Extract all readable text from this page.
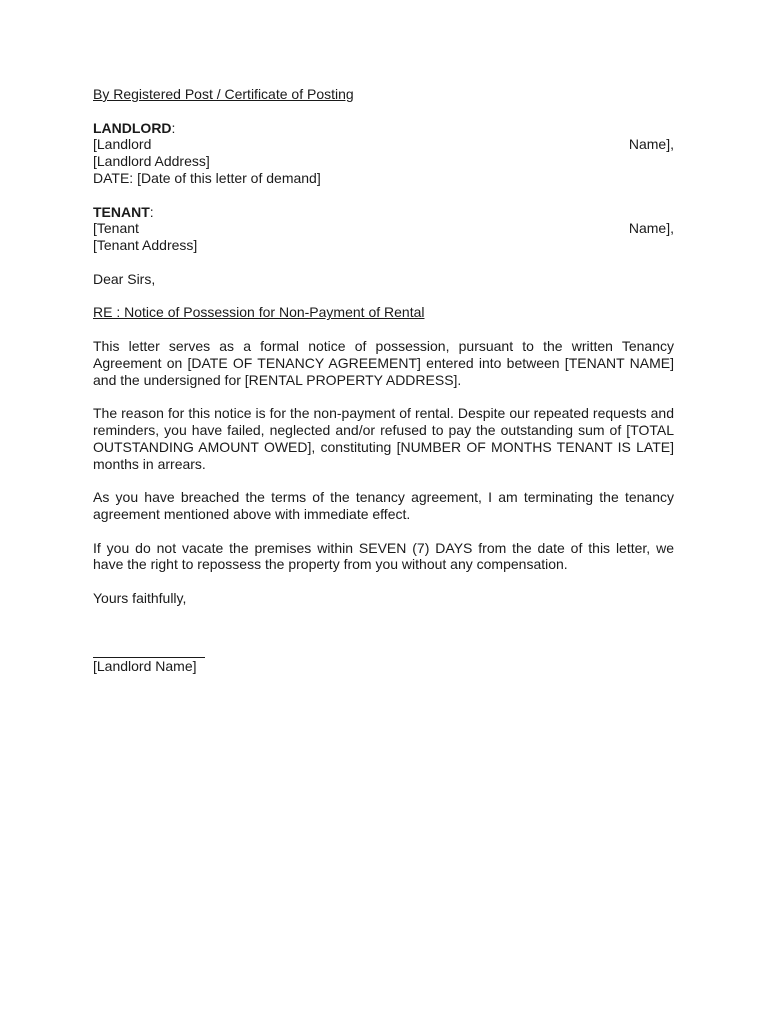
By Registered Post / Certificate of Posting

LANDLORD:

[Landlord	Name],

[Landlord Address]

DATE: [Date of this letter of demand]

TENANT:

[Tenant	Name],

[Tenant Address]

Dear Sirs,

RE : Notice of Possession for Non-Payment of Rental

This letter serves as a formal notice of possession, pursuant to the written Tenancy Agreement on [DATE OF TENANCY AGREEMENT] entered into between [TENANT NAME] and the undersigned for [RENTAL PROPERTY ADDRESS].

The reason for this notice is for the non-payment of rental. Despite our repeated requests and reminders, you have failed, neglected and/or refused to pay the outstanding sum of [TOTAL OUTSTANDING AMOUNT OWED], constituting [NUMBER OF MONTHS TENANT IS LATE] months in arrears.

As you have breached the terms of the tenancy agreement, I am terminating the tenancy agreement mentioned above with immediate effect.

If you do not vacate the premises within SEVEN (7) DAYS from the date of this letter, we have the right to repossess the property from you without any compensation.

Yours faithfully,

[Landlord Name]
